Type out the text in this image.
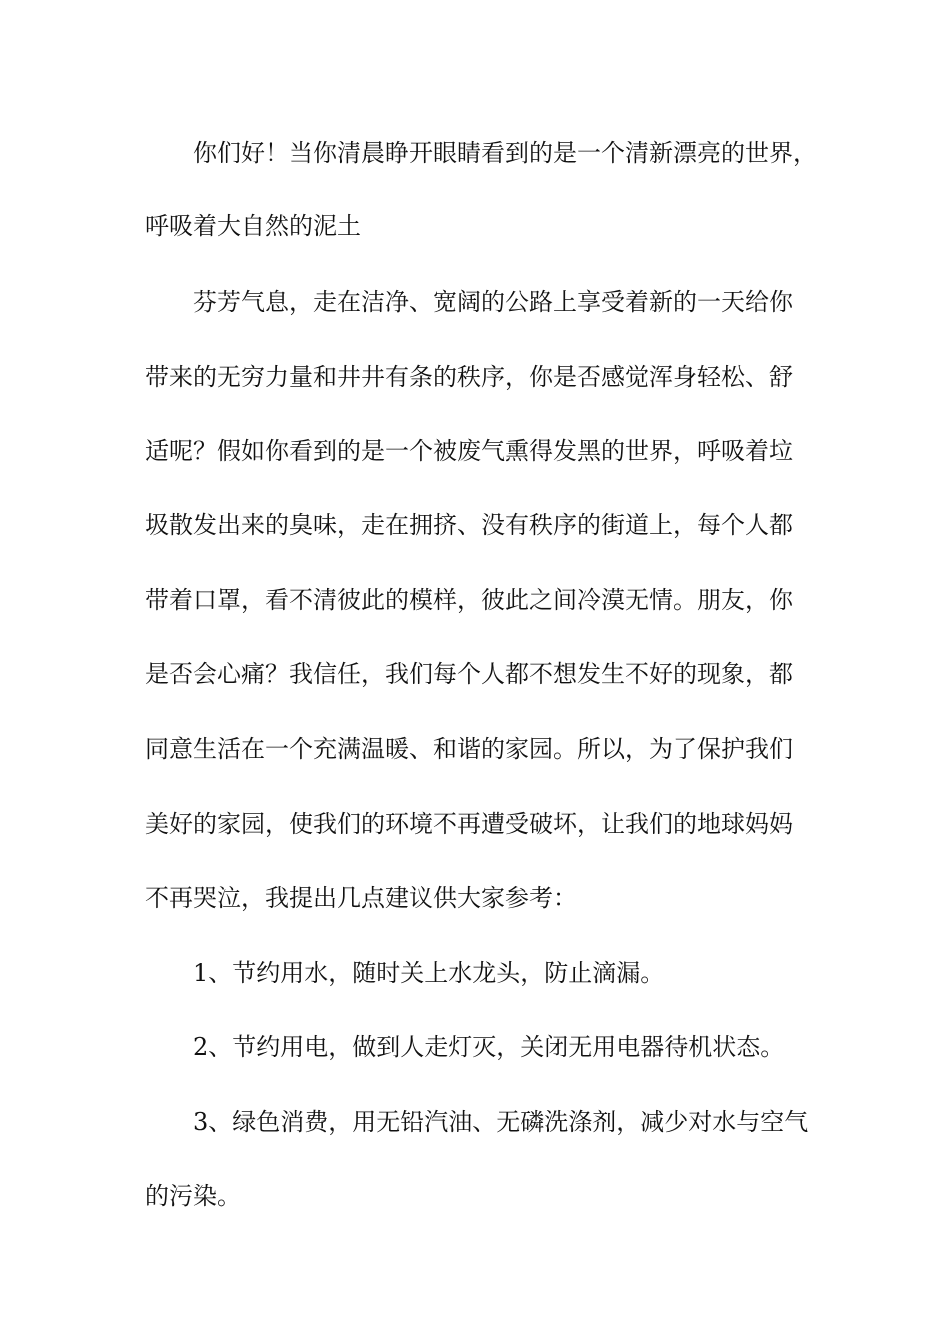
你们好！当你清晨睁开眼睛看到的是一个清新漂亮的世界，
呼吸着大自然的泥土
芬芳气息，走在洁净、宽阔的公路上享受着新的一天给你
带来的无穷力量和井井有条的秩序，你是否感觉浑身轻松、舒
适呢？假如你看到的是一个被废气熏得发黑的世界，呼吸着垃
圾散发出来的臭味，走在拥挤、没有秩序的街道上，每个人都
带着口罩，看不清彼此的模样，彼此之间冷漠无情。朋友，你
是否会心痛？我信任，我们每个人都不想发生不好的现象，都
同意生活在一个充满温暖、和谐的家园。所以，为了保护我们
美好的家园，使我们的环境不再遭受破坏，让我们的地球妈妈
不再哭泣，我提出几点建议供大家参考：
1、节约用水，随时关上水龙头，防止滴漏。
2、节约用电，做到人走灯灭，关闭无用电器待机状态。
3、绿色消费，用无铅汽油、无磷洗涤剂，减少对水与空气
的污染。
